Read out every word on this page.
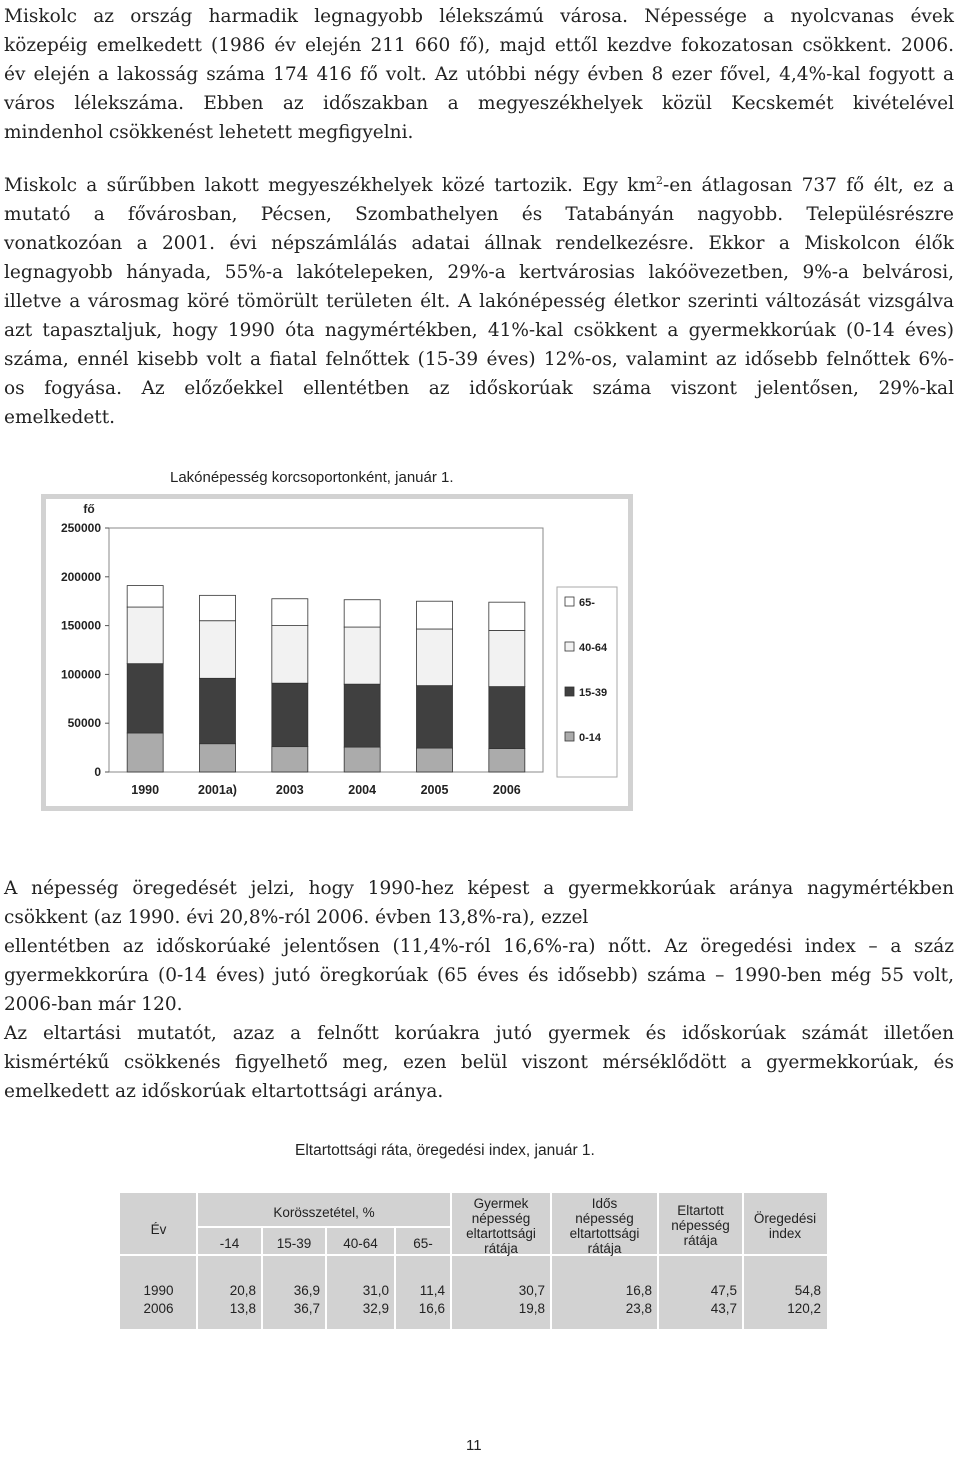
Miskolc az ország harmadik legnagyobb lélekszámú városa. Népessége a nyolcvanas évek
közepéig emelkedett (1986 év elején 211 660 fő), majd ettől kezdve fokozatosan csökkent. 2006.
év elején a lakosság száma 174 416 fő volt. Az utóbbi négy évben 8 ezer fővel, 4,4%-kal fogyott a
város lélekszáma. Ebben az időszakban a megyeszékhelyek közül Kecskemét kivételével
mindenhol csökkenést lehetett megfigyelni.
Miskolc a sűrűbben lakott megyeszékhelyek közé tartozik. Egy $km^2-en$ átlagosan 737 fő élt, ez a
mutató a fővárosban, Pécsen, Szombathelyen és Tatabányán nagyobb. Településrészre
vonatkozóan a 2001. évi népszámlálás adatai állnak rendelkezésre. Ekkor a Miskolcon élők
legnagyobb hányada, 55%-a lakótelepeken, 29%-a kertvárosias lakóövezetben, 9%-a belvárosi,
illetve a városmag köré tömörült területen élt. A lakónépesség életkor szerinti változását vizsgálva
azt tapasztaljuk, hogy 1990 óta nagymértékben, 41%-kal csökkent a gyermekkorúak (0-14 éves)
száma, ennél kisebb volt a fiatal felnőttek (15-39 éves) 12%-os, valamint az idősebb felnőttek 6%-
os fogyása. Az előzőekkel ellentétben az időskorúak száma viszont jelentősen, 29%-kal
emelkedett.
Lakónépesség korcsoportonként, január 1.
0
50000
100000
150000
200000
250000
fő
1990	2001a)	2003	2004	2005	2006
65-
40-64
15-39
0-14
A népesség öregedését jelzi, hogy 1990-hez képest a gyermekkorúak aránya nagymértékben
csökkent (az 1990. évi 20,8%-ról 2006. évben 13,8%-ra), ezzel
ellentétben az időskorúaké jelentősen (11,4%-ról 16,6%-ra) nőtt. Az öregedési index – a száz
gyermekkorúra (0-14 éves) jutó öregkorúak (65 éves és idősebb) száma – 1990-ben még 55 volt,
2006-ban már 120.
Az eltartási mutatót, azaz a felnőtt korúakra jutó gyermek és időskorúak számát illetően
kismértékű csökkenés figyelhető meg, ezen belül viszont mérséklődött a gyermekkorúak, és
emelkedett az időskorúak eltartottsági aránya.
Eltartottsági ráta, öregedési index, január 1.
Év
Korösszetétel, %
-14	15-39	40-64	65-
Gyermek
népesség
eltartottsági
rátája
Idős
népesség
eltartottsági
rátája
Eltartott
népesség
rátája
Öregedési
index
1990	20,8	36,9	31,0	11,4	30,7	16,8	47,5	54,8
2006	13,8	36,7	32,9	16,6	19,8	23,8	43,7	120,2
11
